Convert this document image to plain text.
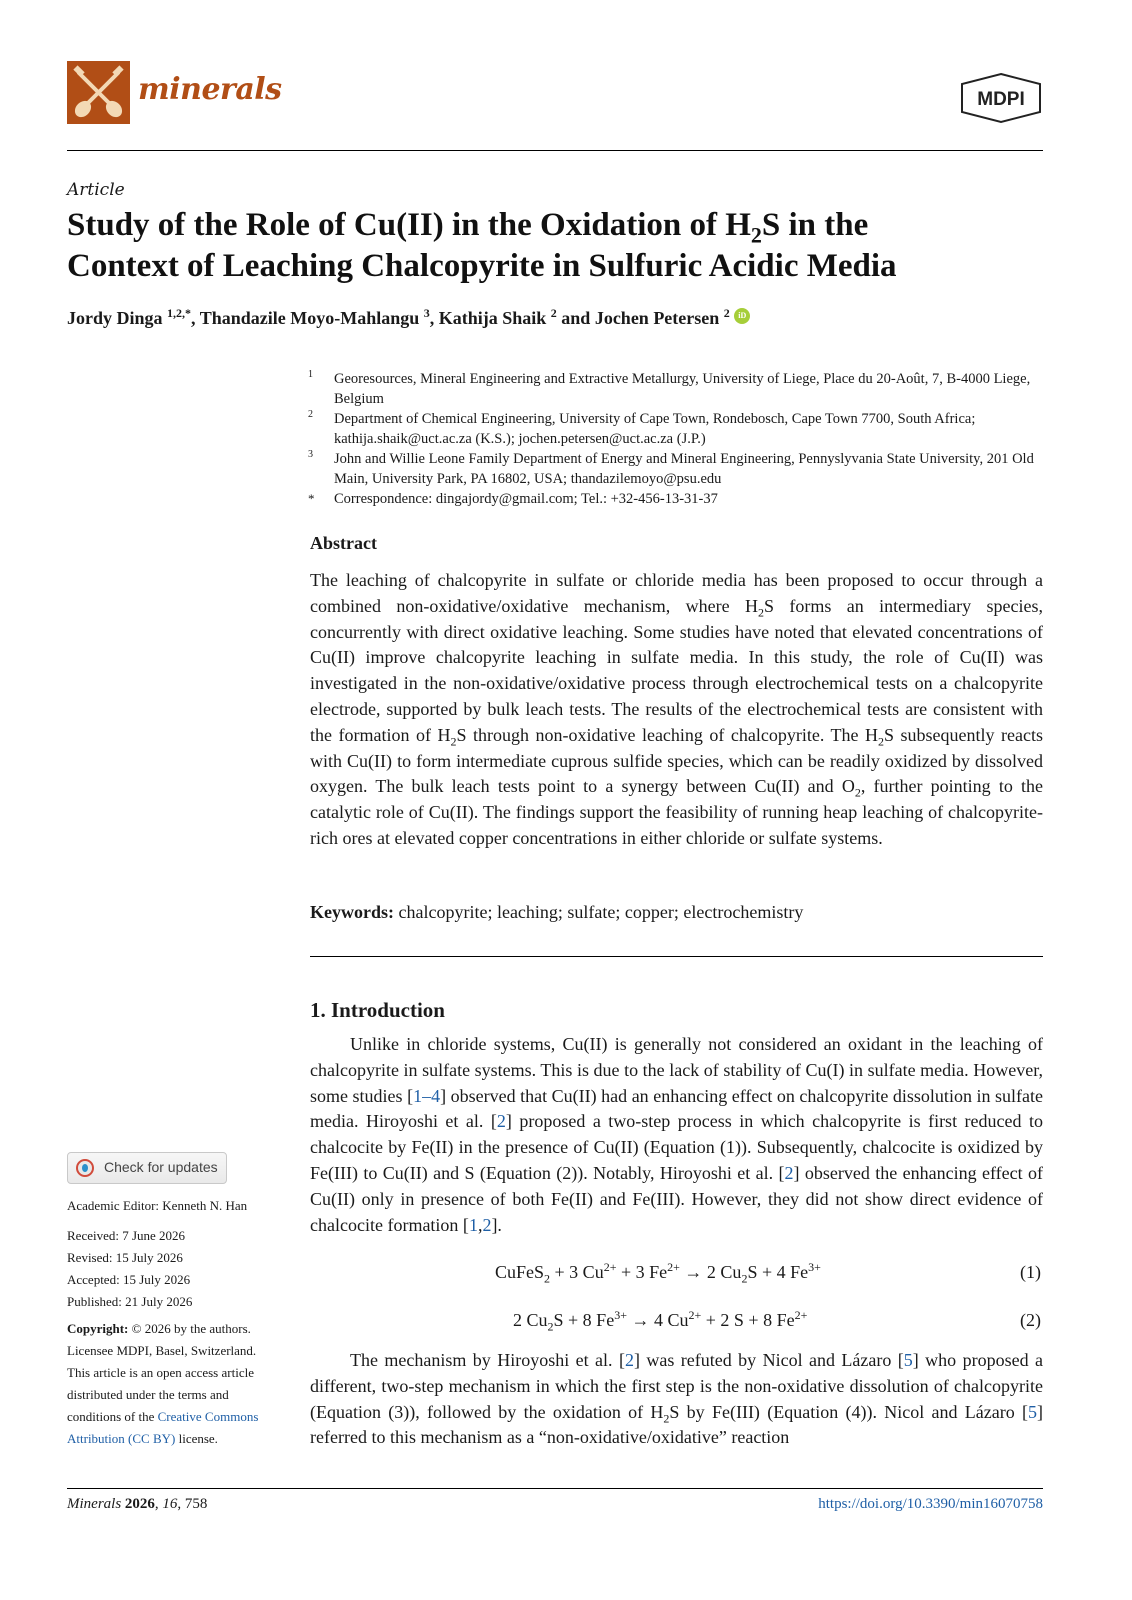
minerals	MDPI
Article
Study of the Role of Cu(II) in the Oxidation of $H_2S$ in the
Context of Leaching Chalcopyrite in Sulfuric Acidic Media
Jordy Dinga $^{1,2,*}$, Thandazile Moyo-Mahlangu $^3$, Kathija Shaik $^2$ and Jochen Petersen $^2$ iD
1 Georesources, Mineral Engineering and Extractive Metallurgy, University of Liege, Place du 20-Août, 7, B-4000 Liege, Belgium
2 Department of Chemical Engineering, University of Cape Town, Rondebosch, Cape Town 7700, South Africa; kathija.shaik@uct.ac.za (K.S.); jochen.petersen@uct.ac.za (J.P.)
3 John and Willie Leone Family Department of Energy and Mineral Engineering, Pennyslyvania State University, 201 Old Main, University Park, PA 16802, USA; thandazilemoyo@psu.edu
* Correspondence: dingajordy@gmail.com; Tel.: +32-456-13-31-37
Abstract
The leaching of chalcopyrite in sulfate or chloride media has been proposed to occur through a combined non-oxidative/oxidative mechanism, where $H_2S$ forms an intermediary species, concurrently with direct oxidative leaching. Some studies have noted that elevated concentrations of Cu(II) improve chalcopyrite leaching in sulfate media. In this study, the role of Cu(II) was investigated in the non-oxidative/oxidative process through electrochemical tests on a chalcopyrite electrode, supported by bulk leach tests. The results of the electrochemical tests are consistent with the formation of $H_2S$ through non-oxidative leaching of chalcopyrite. The $H_2S$ subsequently reacts with Cu(II) to form intermediate cuprous sulfide species, which can be readily oxidized by dissolved oxygen. The bulk leach tests point to a synergy between Cu(II) and $O_2$, further pointing to the catalytic role of Cu(II). The findings support the feasibility of running heap leaching of chalcopyrite-rich ores at elevated copper concentrations in either chloride or sulfate systems.
Keywords: chalcopyrite; leaching; sulfate; copper; electrochemistry
1. Introduction
Unlike in chloride systems, Cu(II) is generally not considered an oxidant in the leaching of chalcopyrite in sulfate systems. This is due to the lack of stability of Cu(I) in sulfate media. However, some studies [1–4] observed that Cu(II) had an enhancing effect on chalcopyrite dissolution in sulfate media. Hiroyoshi et al. [2] proposed a two-step process in which chalcopyrite is first reduced to chalcocite by Fe(II) in the presence of Cu(II) (Equation (1)). Subsequently, chalcocite is oxidized by Fe(III) to Cu(II) and S (Equation (2)). Notably, Hiroyoshi et al. [2] observed the enhancing effect of Cu(II) only in presence of both Fe(II) and Fe(III). However, they did not show direct evidence of chalcocite formation [1,2].
CuFeS$_2$ + 3 $Cu^{2+} + 3$ $Fe^{2+} \to 2$ $Cu_2S + 4$ $Fe^{3+}$	(1)
2 $Cu_2S + 8$ $Fe^{3+} \to 4$ $Cu^{2+} + 2$ S + 8 $Fe^{2+}$	(2)
The mechanism by Hiroyoshi et al. [2] was refuted by Nicol and Lázaro [5] who proposed a different, two-step mechanism in which the first step is the non-oxidative dissolution of chalcopyrite (Equation (3)), followed by the oxidation of $H_2S$ by Fe(III) (Equation (4)). Nicol and Lázaro [5] referred to this mechanism as a “non-oxidative/oxidative” reaction
Check for updates
Academic Editor: Kenneth N. Han
Received: 7 June 2026
Revised: 15 July 2026
Accepted: 15 July 2026
Published: 21 July 2026
Copyright: © 2026 by the authors. Licensee MDPI, Basel, Switzerland. This article is an open access article distributed under the terms and conditions of the Creative Commons Attribution (CC BY) license.
Minerals 2026, 16, 758	https://doi.org/10.3390/min16070758
